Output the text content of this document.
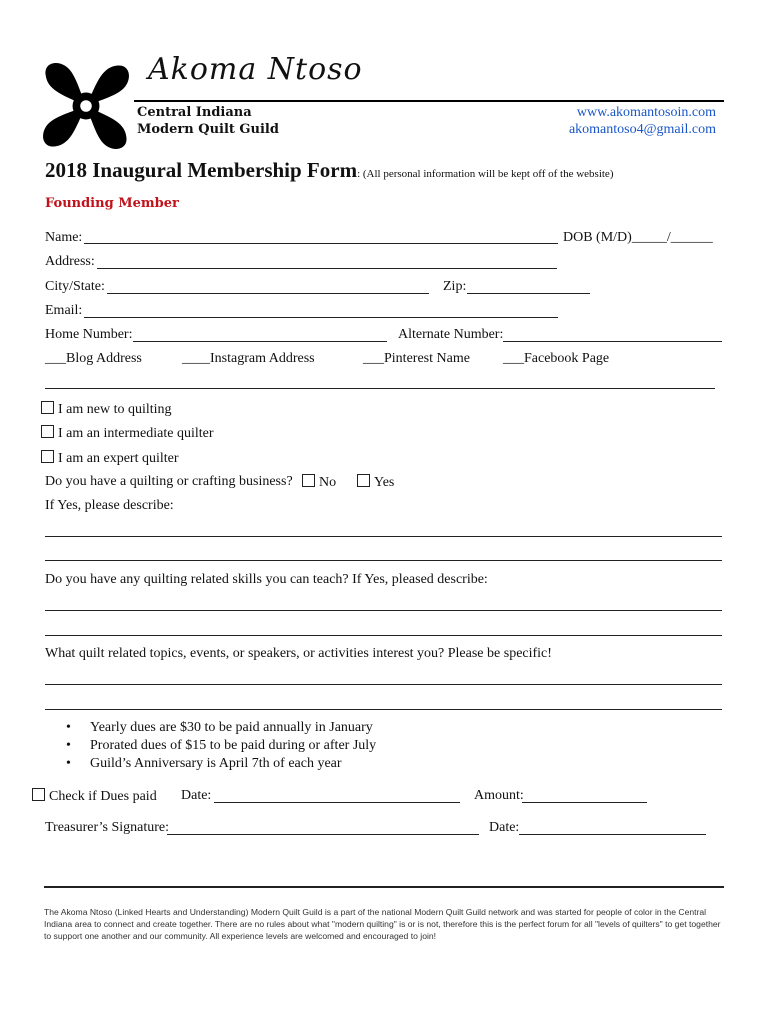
Akoma Ntoso
Central Indiana
Modern Quilt Guild
www.akomantosoin.com
akomantoso4@gmail.com
2018 Inaugural Membership Form: (All personal information will be kept off of the website)
Founding Member
Name:	DOB (M/D)_____/______
Address:
City/State:	Zip:
Email:
Home Number:	Alternate Number:
___Blog Address	____Instagram Address	___Pinterest Name ___Facebook Page
I am new to quilting
I am an intermediate quilter
I am an expert quilter
Do you have a quilting or crafting business?	No	Yes
If Yes, please describe:
Do you have any quilting related skills you can teach? If Yes, pleased describe:
What quilt related topics, events, or speakers, or activities interest you? Please be specific!
• Yearly dues are $30 to be paid annually in January
• Prorated dues of $15 to be paid during or after July
• Guild’s Anniversary is April 7th of each year
Check if Dues paid Date:	Amount:
Treasurer’s Signature:	Date:
The Akoma Ntoso (Linked Hearts and Understanding) Modern Quilt Guild is a part of the national Modern Quilt Guild network and was started for people of color in the Central Indiana area to connect and create together. There are no rules about what "modern quilting" is or is not, therefore this is the perfect forum for all "levels of quilters" to get together to support one another and our community. All experience levels are welcomed and encouraged to join!
